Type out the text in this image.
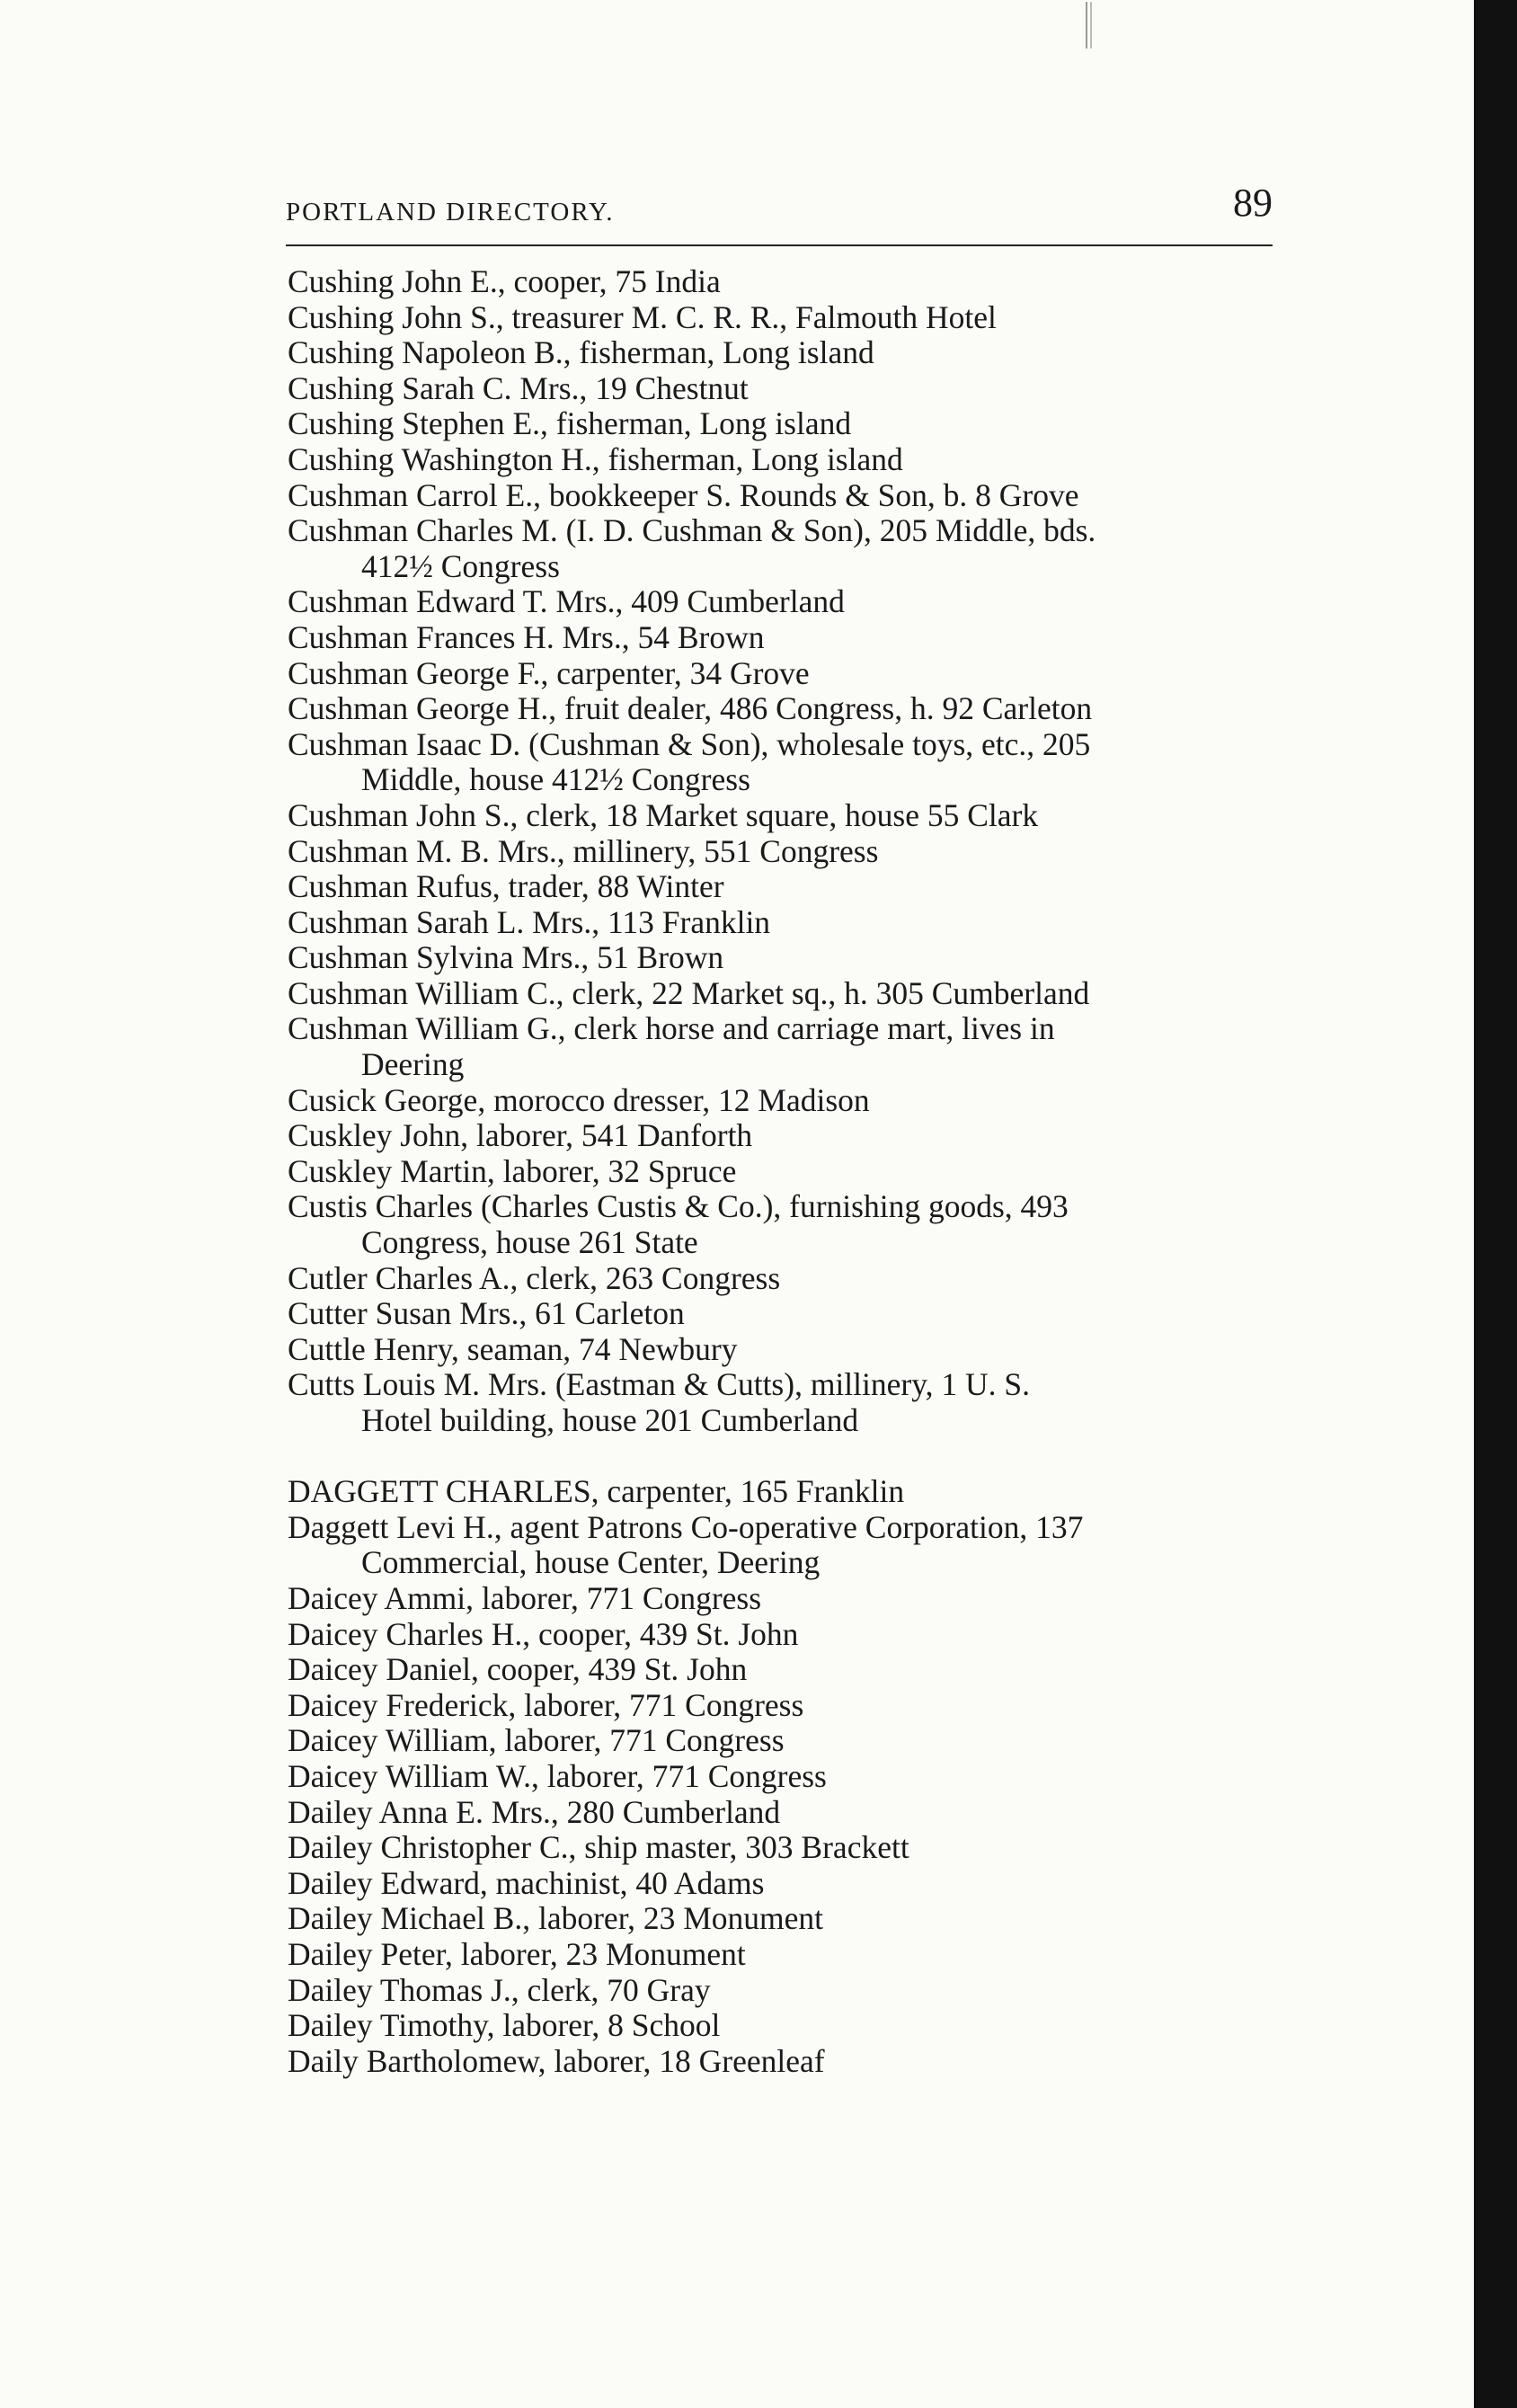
PORTLAND DIRECTORY.	89
Cushing John E., cooper, 75 India
Cushing John S., treasurer M. C. R. R., Falmouth Hotel
Cushing Napoleon B., fisherman, Long island
Cushing Sarah C. Mrs., 19 Chestnut
Cushing Stephen E., fisherman, Long island
Cushing Washington H., fisherman, Long island
Cushman Carrol E., bookkeeper S. Rounds & Son, b. 8 Grove
Cushman Charles M. (I. D. Cushman & Son), 205 Middle, bds.
412½ Congress
Cushman Edward T. Mrs., 409 Cumberland
Cushman Frances H. Mrs., 54 Brown
Cushman George F., carpenter, 34 Grove
Cushman George H., fruit dealer, 486 Congress, h. 92 Carleton
Cushman Isaac D. (Cushman & Son), wholesale toys, etc., 205
Middle, house 412½ Congress
Cushman John S., clerk, 18 Market square, house 55 Clark
Cushman M. B. Mrs., millinery, 551 Congress
Cushman Rufus, trader, 88 Winter
Cushman Sarah L. Mrs., 113 Franklin
Cushman Sylvina Mrs., 51 Brown
Cushman William C., clerk, 22 Market sq., h. 305 Cumberland
Cushman William G., clerk horse and carriage mart, lives in
Deering
Cusick George, morocco dresser, 12 Madison
Cuskley John, laborer, 541 Danforth
Cuskley Martin, laborer, 32 Spruce
Custis Charles (Charles Custis & Co.), furnishing goods, 493
Congress, house 261 State
Cutler Charles A., clerk, 263 Congress
Cutter Susan Mrs., 61 Carleton
Cuttle Henry, seaman, 74 Newbury
Cutts Louis M. Mrs. (Eastman & Cutts), millinery, 1 U. S.
Hotel building, house 201 Cumberland
DAGGETT CHARLES, carpenter, 165 Franklin
Daggett Levi H., agent Patrons Co-operative Corporation, 137
Commercial, house Center, Deering
Daicey Ammi, laborer, 771 Congress
Daicey Charles H., cooper, 439 St. John
Daicey Daniel, cooper, 439 St. John
Daicey Frederick, laborer, 771 Congress
Daicey William, laborer, 771 Congress
Daicey William W., laborer, 771 Congress
Dailey Anna E. Mrs., 280 Cumberland
Dailey Christopher C., ship master, 303 Brackett
Dailey Edward, machinist, 40 Adams
Dailey Michael B., laborer, 23 Monument
Dailey Peter, laborer, 23 Monument
Dailey Thomas J., clerk, 70 Gray
Dailey Timothy, laborer, 8 School
Daily Bartholomew, laborer, 18 Greenleaf
